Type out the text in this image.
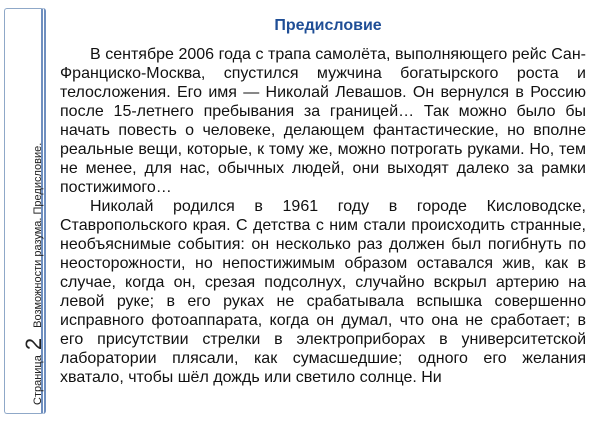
Страница
2
Возможности разума. Предисловие.
Предисловие

В сентябре 2006 года с трапа самолёта, выполняющего рейс Сан-Франциско-Москва, спустился мужчина богатырского роста и телосложения. Его имя — Николай Левашов. Он вернулся в Россию после 15-летнего пребывания за границей… Так можно было бы начать повесть о человеке, делающем фантастические, но вполне реальные вещи, которые, к тому же, можно потрогать руками. Но, тем не менее, для нас, обычных людей, они выходят далеко за рамки постижимого…

Николай родился в 1961 году в городе Кисловодске, Ставропольского края. С детства с ним стали происходить странные, необъяснимые события: он несколько раз должен был погибнуть по неосторожности, но непостижимым образом оставался жив, как в случае, когда он, срезая подсолнух, случайно вскрыл артерию на левой руке; в его руках не срабатывала вспышка совершенно исправного фотоаппарата, когда он думал, что она не сработает; в его присутствии стрелки в электроприборах в университетской лаборатории плясали, как сумасшедшие; одного его желания хватало, чтобы шёл дождь или светило солнце. Ни
